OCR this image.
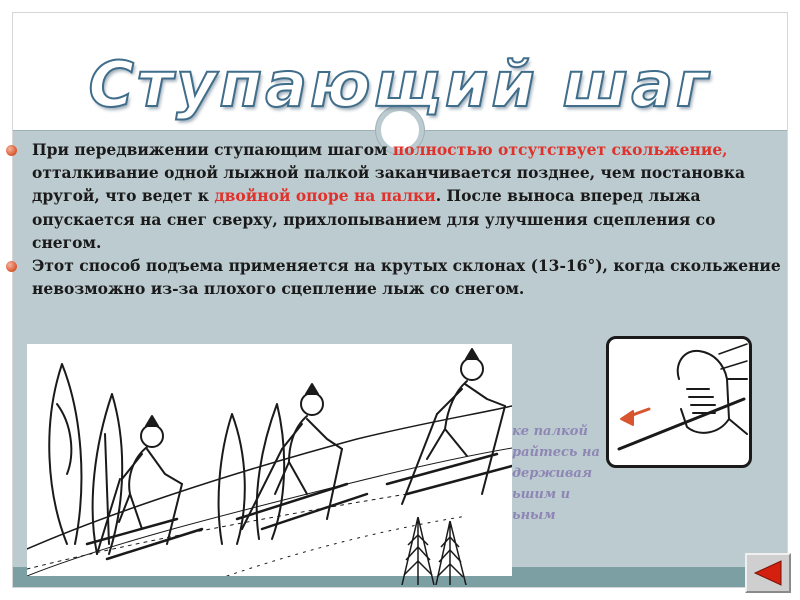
Ступающий шаг

При передвижении ступающим шагом полностью отсутствует скольжение, отталкивание одной лыжной палкой заканчивается позднее, чем постановка другой, что ведет к двойной опоре на палки. После выноса вперед лыжа опускается на снег сверху, прихлопыванием для улучшения сцепления со снегом.

Этот способ подъема применяется на крутых склонах (13-16°), когда скольжение невозможно из-за плохого сцепление лыж со снегом.

ке палкой
райтесь на
держивая
ьшим и
ьным
